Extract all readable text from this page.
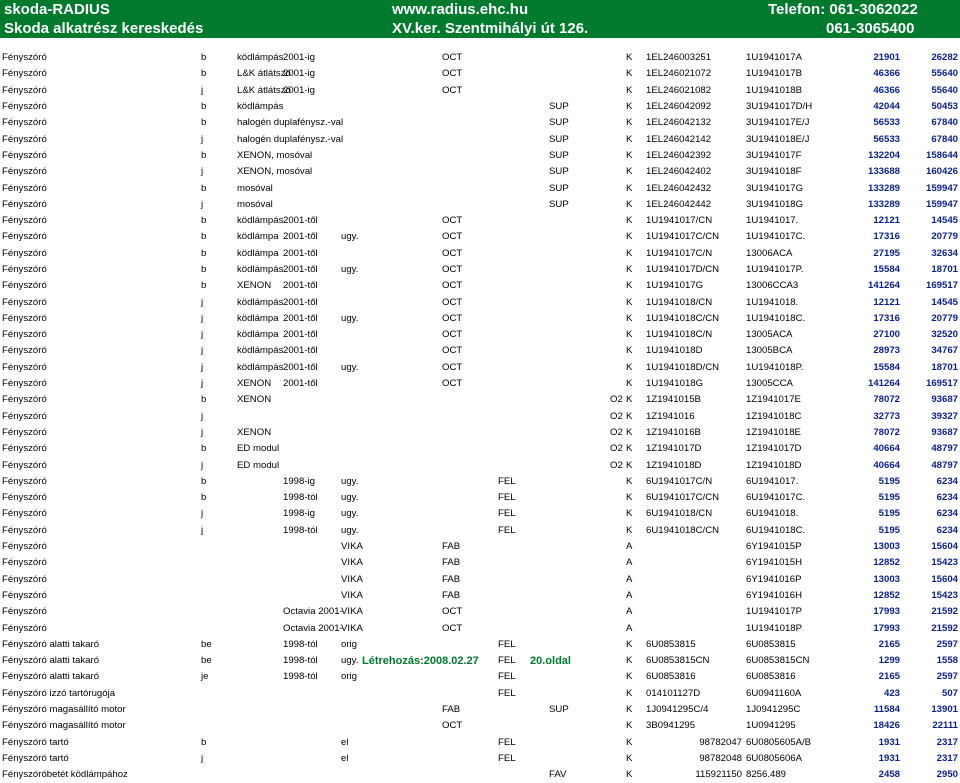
skoda-RADIUS	www.radius.ehc.hu	Telefon: 061-3062022
Skoda alkatrész kereskedés	XV.ker. Szentmihályi út 126.	061-3065400
Fényszóró	b	ködlámpás	2001-ig		OCT				K	1EL246003251	1U1941017A	21901	26282
Fényszóró	b	L&K átlátszó	2001-ig		OCT				K	1EL246021072	1U1941017B	46366	55640
Fényszóró	j	L&K átlátszó	2001-ig		OCT				K	1EL246021082	1U1941018B	46366	55640
Fényszóró	b	ködlámpás					SUP		K	1EL246042092	3U1941017D/H	42044	50453
Fényszóró	b	halogén duplafénysz.-val					SUP		K	1EL246042132	3U1941017E/J	56533	67840
Fényszóró	j	halogén duplafénysz.-val					SUP		K	1EL246042142	3U1941018E/J	56533	67840
Fényszóró	b	XENON, mosóval					SUP		K	1EL246042392	3U1941017F	132204	158644
Fényszóró	j	XENON, mosóval					SUP		K	1EL246042402	3U1941018F	133688	160426
Fényszóró	b	mosóval					SUP		K	1EL246042432	3U1941017G	133289	159947
Fényszóró	j	mosóval					SUP		K	1EL246042442	3U1941018G	133289	159947
Fényszóró	b	ködlámpás	2001-től		OCT				K	1U1941017/CN	1U1941017.	12121	14545
Fényszóró	b	ködlámpa	2001-től	ugy.	OCT				K	1U1941017C/CN	1U1941017C.	17316	20779
Fényszóró	b	ködlámpa	2001-től		OCT				K	1U1941017C/N	13006ACA	27195	32634
Fényszóró	b	ködlámpás	2001-től	ugy.	OCT				K	1U1941017D/CN	1U1941017P.	15584	18701
Fényszóró	b	XENON	2001-től		OCT				K	1U1941017G	13006CCA3	141264	169517
Fényszóró	j	ködlámpás	2001-től		OCT				K	1U1941018/CN	1U1941018.	12121	14545
Fényszóró	j	ködlámpa	2001-től	ugy.	OCT				K	1U1941018C/CN	1U1941018C.	17316	20779
Fényszóró	j	ködlámpa	2001-től		OCT				K	1U1941018C/N	13005ACA	27100	32520
Fényszóró	j	ködlámpás	2001-től		OCT				K	1U1941018D	13005BCA	28973	34767
Fényszóró	j	ködlámpás	2001-től	ugy.	OCT				K	1U1941018D/CN	1U1941018P.	15584	18701
Fényszóró	j	XENON	2001-től		OCT				K	1U1941018G	13005CCA	141264	169517
Fényszóró	b	XENON						O2	K	1Z1941015B	1Z1941017E	78072	93687
Fényszóró	j							O2	K	1Z1941016	1Z1941018C	32773	39327
Fényszóró	j	XENON						O2	K	1Z1941016B	1Z1941018E	78072	93687
Fényszóró	b	ED modul						O2	K	1Z1941017D	1Z1941017D	40664	48797
Fényszóró	j	ED modul						O2	K	1Z1941018D	1Z1941018D	40664	48797
Fényszóró	b		1998-ig	ugy.		FEL			K	6U1941017C/N	6U1941017.	5195	6234
Fényszóró	b		1998-tól	ugy.		FEL			K	6U1941017C/CN	6U1941017C.	5195	6234
Fényszóró	j		1998-ig	ugy.		FEL			K	6U1941018/CN	6U1941018.	5195	6234
Fényszóró	j		1998-tól	ugy.		FEL			K	6U1941018C/CN	6U1941018C.	5195	6234
Fényszóró				VIKA	FAB				A		6Y1941015P	13003	15604
Fényszóró				VIKA	FAB				A		6Y1941015H	12852	15423
Fényszóró				VIKA	FAB				A		6Y1941016P	13003	15604
Fényszóró				VIKA	FAB				A		6Y1941016H	12852	15423
Fényszóró			Octavia 2001-	VIKA	OCT				A		1U1941017P	17993	21592
Fényszóró			Octavia 2001-	VIKA	OCT				A		1U1941018P	17993	21592
Fényszóró alatti takaró	be		1998-tól	orig		FEL			K	6U0853815	6U0853815	2165	2597
Fényszóró alatti takaró	be		1998-tól	ugy.		FEL			K	6U0853815CN	6U0853815CN	1299	1558
Fényszóró alatti takaró	je		1998-tól	orig		FEL			K	6U0853816	6U0853816	2165	2597
Fényszóró izzó tartórugója						FEL			K	014101127D	6U0941160A	423	507
Fényszóró magasállító motor					FAB		SUP		K	1J0941295C/4	1J0941295C	11584	13901
Fényszóró magasállító motor					OCT				K	3B0941295	1U0941295	18426	22111
Fényszóró tartó	b			el		FEL			K	98782047	6U0805605A/B	1931	2317
Fényszóró tartó	j			el		FEL			K	98782048	6U0805606A	1931	2317
Fényszóróbetét ködlámpához							FAV		K	115921150	8256.489	2458	2950
Létrehozás:2008.02.27	20.oldal
